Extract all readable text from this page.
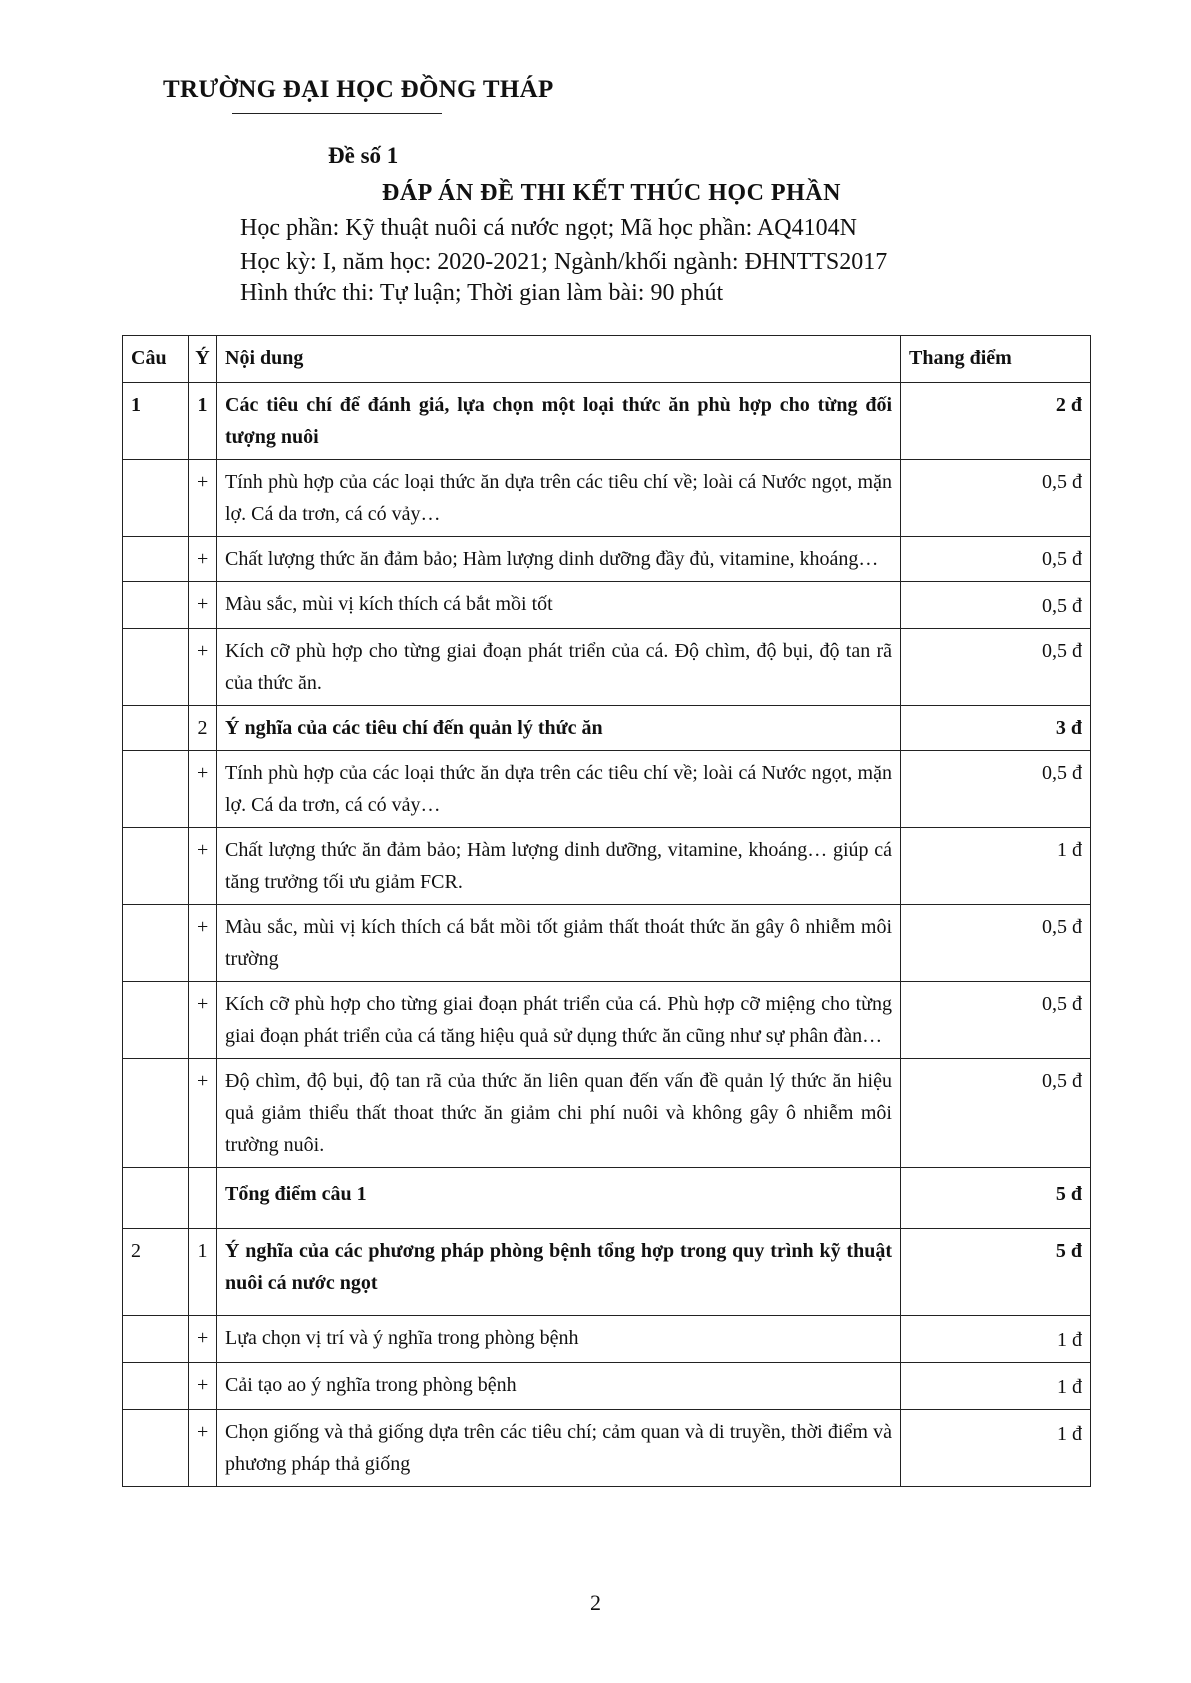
TRƯỜNG ĐẠI HỌC ĐỒNG THÁP
Đề số 1
ĐÁP ÁN ĐỀ THI KẾT THÚC HỌC PHẦN
Học phần: Kỹ thuật nuôi cá nước ngọt; Mã học phần: AQ4104N
Học kỳ: I, năm học: 2020-2021; Ngành/khối ngành: ĐHNTTS2017
Hình thức thi: Tự luận; Thời gian làm bài: 90 phút
Câu	Ý	Nội dung	Thang điểm
1	1	Các tiêu chí để đánh giá, lựa chọn một loại thức ăn phù hợp cho từng đối tượng nuôi	2 đ
	+	Tính phù hợp của các loại thức ăn dựa trên các tiêu chí về; loài cá Nước ngọt, mặn lợ. Cá da trơn, cá có vảy…	0,5 đ
	+	Chất lượng thức ăn đảm bảo; Hàm lượng dinh dưỡng đầy đủ, vitamine, khoáng…	0,5 đ
	+	Màu sắc, mùi vị kích thích cá bắt mồi tốt	0,5 đ
	+	Kích cỡ phù hợp cho từng giai đoạn phát triển của cá. Độ chìm, độ bụi, độ tan rã của thức ăn.	0,5 đ
	2	Ý nghĩa của các tiêu chí đến quản lý thức ăn	3 đ
	+	Tính phù hợp của các loại thức ăn dựa trên các tiêu chí về; loài cá Nước ngọt, mặn lợ. Cá da trơn, cá có vảy…	0,5 đ
	+	Chất lượng thức ăn đảm bảo; Hàm lượng dinh dưỡng, vitamine, khoáng… giúp cá tăng trưởng tối ưu giảm FCR.	1 đ
	+	Màu sắc, mùi vị kích thích cá bắt mồi tốt giảm thất thoát thức ăn gây ô nhiễm môi trường	0,5 đ
	+	Kích cỡ phù hợp cho từng giai đoạn phát triển của cá. Phù hợp cỡ miệng cho từng giai đoạn phát triển của cá tăng hiệu quả sử dụng thức ăn cũng như sự phân đàn…	0,5 đ
	+	Độ chìm, độ bụi, độ tan rã của thức ăn liên quan đến vấn đề quản lý thức ăn hiệu quả giảm thiểu thất thoat thức ăn giảm chi phí nuôi và không gây ô nhiễm môi trường nuôi.	0,5 đ
		Tổng điểm câu 1	5 đ
2	1	Ý nghĩa của các phương pháp phòng bệnh tổng hợp trong quy trình kỹ thuật nuôi cá nước ngọt	5 đ
	+	Lựa chọn vị trí và ý nghĩa trong phòng bệnh	1 đ
	+	Cải tạo ao ý nghĩa trong phòng bệnh	1 đ
	+	Chọn giống và thả giống dựa trên các tiêu chí; cảm quan và di truyền, thời điểm và phương pháp thả giống	1 đ
2
